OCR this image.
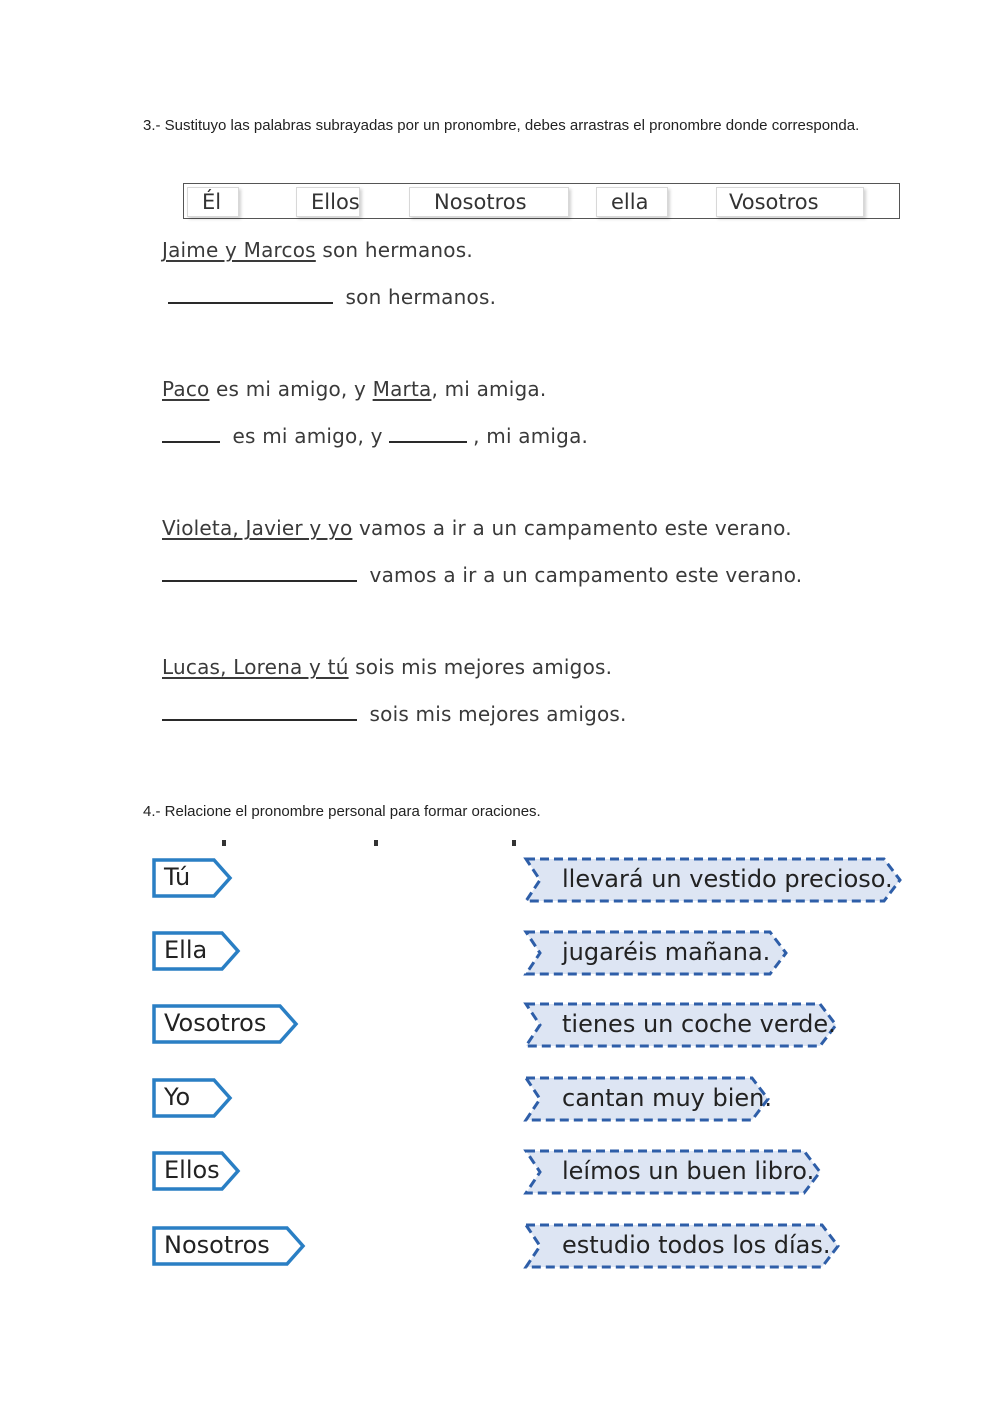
3.- Sustituyo las palabras subrayadas por un pronombre, debes arrastras el pronombre donde corresponda.
Él	Ellos	Nosotros	ella	Vosotros
Jaime y Marcos son hermanos.
son hermanos.
Paco es mi amigo, y Marta, mi amiga.
es mi amigo, y	, mi amiga.
Violeta, Javier y yo vamos a ir a un campamento este verano.
vamos a ir a un campamento este verano.
Lucas, Lorena y tú sois mis mejores amigos.
sois mis mejores amigos.
4.- Relacione el pronombre personal para formar oraciones.
Tú
Ella
Vosotros
Yo
Ellos
Nosotros
llevará un vestido precioso.
jugaréis mañana.
tienes un coche verde.
cantan muy bien.
leímos un buen libro.
estudio todos los días.
